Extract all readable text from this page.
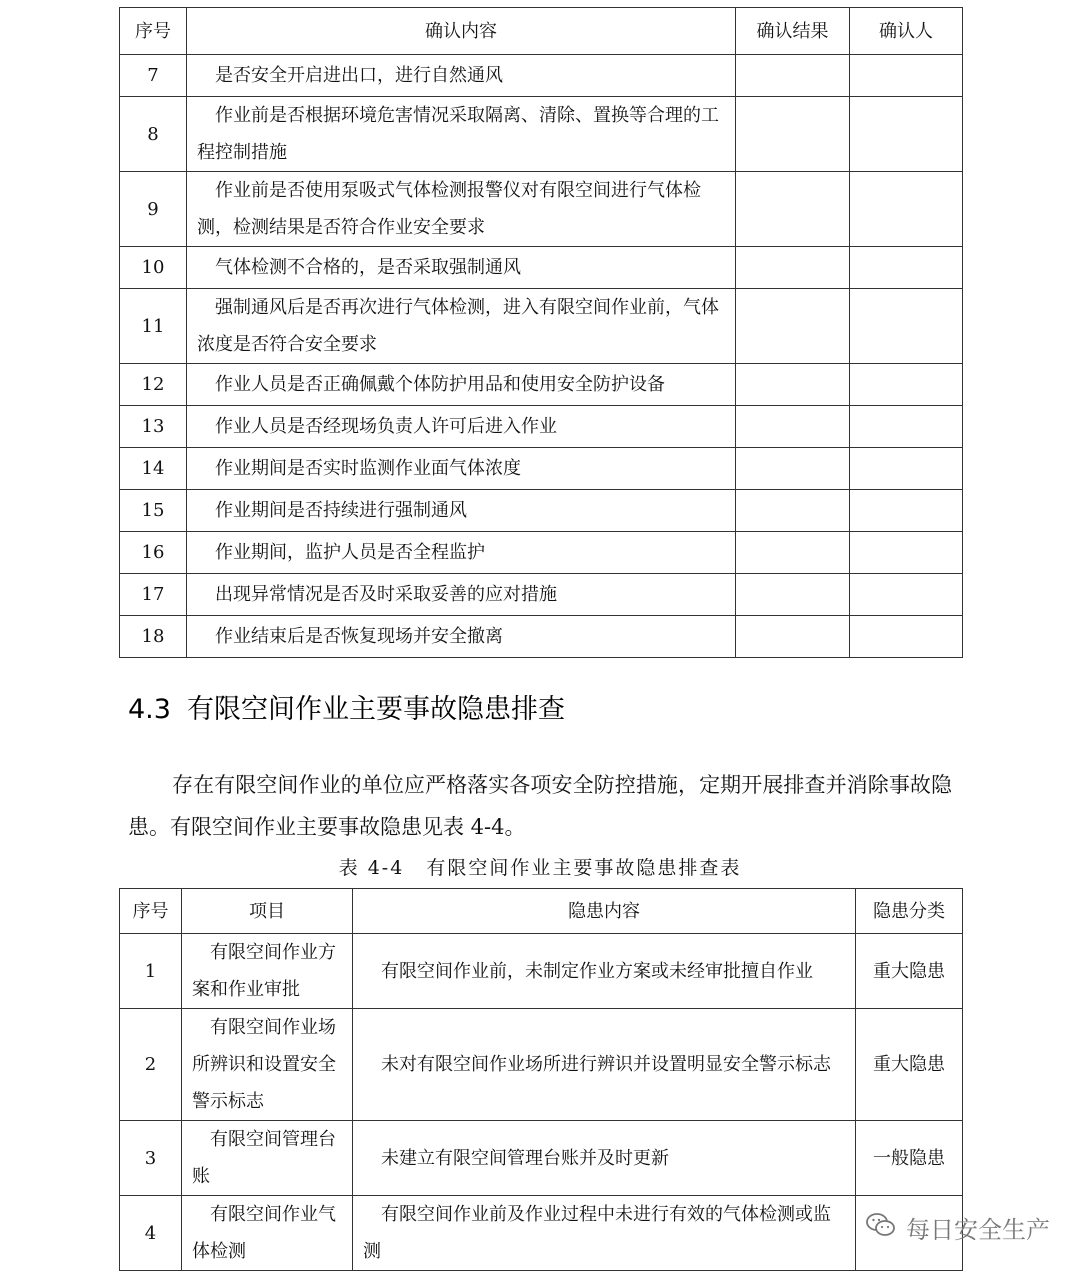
序号	确认内容	确认结果	确认人
7	是否安全开启进出口，进行自然通风		
8	作业前是否根据环境危害情况采取隔离、清除、置换等合理的工程控制措施		
9	作业前是否使用泵吸式气体检测报警仪对有限空间进行气体检测，检测结果是否符合作业安全要求		
10	气体检测不合格的，是否采取强制通风		
11	强制通风后是否再次进行气体检测，进入有限空间作业前，气体浓度是否符合安全要求		
12	作业人员是否正确佩戴个体防护用品和使用安全防护设备		
13	作业人员是否经现场负责人许可后进入作业		
14	作业期间是否实时监测作业面气体浓度		
15	作业期间是否持续进行强制通风		
16	作业期间，监护人员是否全程监护		
17	出现异常情况是否及时采取妥善的应对措施		
18	作业结束后是否恢复现场并安全撤离		
4.3 有限空间作业主要事故隐患排查

存在有限空间作业的单位应严格落实各项安全防控措施，定期开展排查并消除事故隐患。有限空间作业主要事故隐患见表 4-4。

表 4-4 有限空间作业主要事故隐患排查表
序号	项目	隐患内容	隐患分类
1	有限空间作业方案和作业审批	有限空间作业前，未制定作业方案或未经审批擅自作业	重大隐患
2	有限空间作业场所辨识和设置安全警示标志	未对有限空间作业场所进行辨识并设置明显安全警示标志	重大隐患
3	有限空间管理台账	未建立有限空间管理台账并及时更新	一般隐患
4	有限空间作业气体检测	有限空间作业前及作业过程中未进行有效的气体检测或监测	
每日安全生产
